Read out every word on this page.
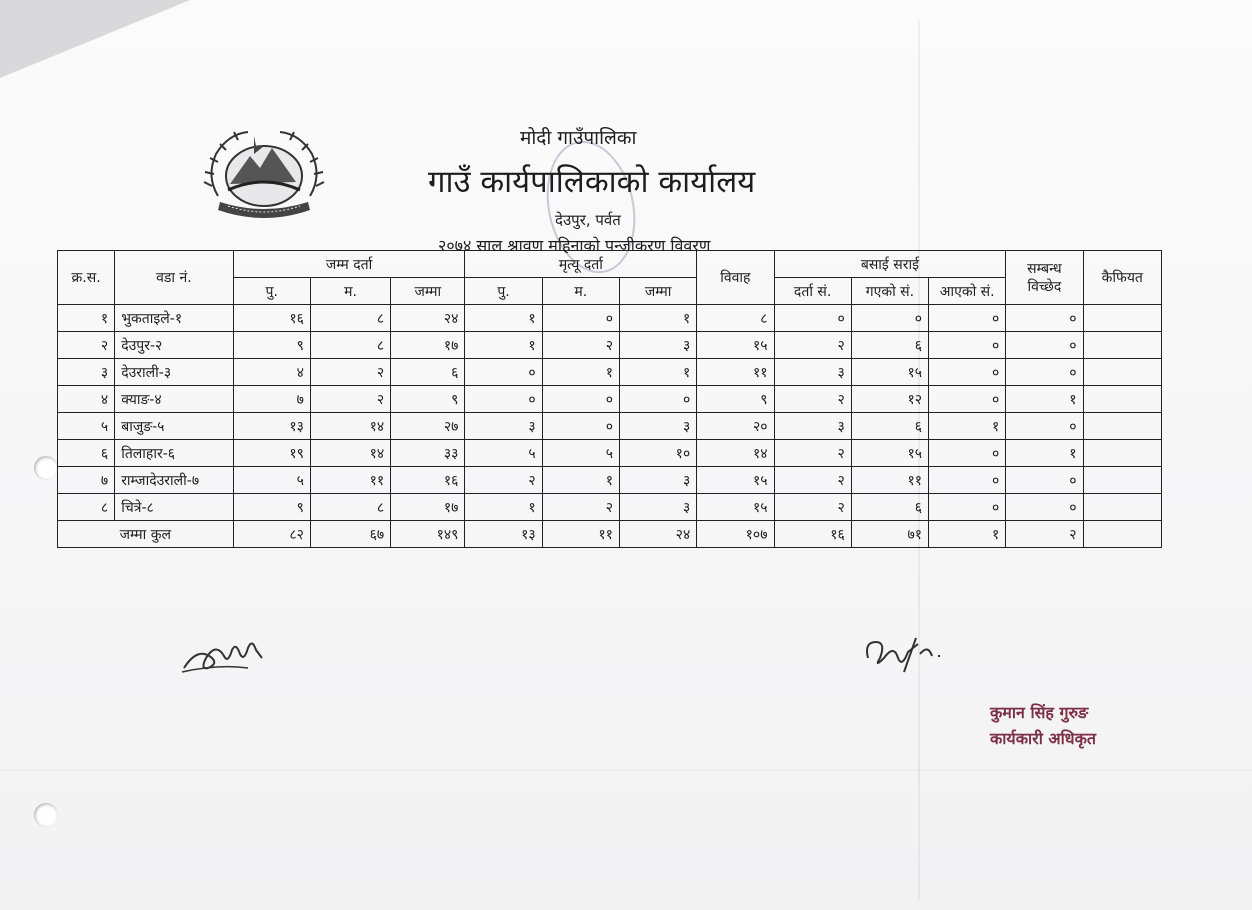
मोदी गाउँपालिका
गाउँ कार्यपालिकाको कार्यालय
देउपुर, पर्वत
२०७४ साल श्रावण महिनाको पन्जीकरण विवरण
क्र.स.	वडा नं.	जम्म दर्ता			मृत्यू दर्ता			विवाह	बसाई सराई			सम्बन्ध विच्छेद	कैफियत
		पु.	म.	जम्मा	पु.	म.	जम्मा		दर्ता सं.	गएको सं.	आएको सं.		
१	भुकताइले-१	१६	८	२४	१	०	१	८	०	०	०	०	
२	देउपुर-२	९	८	१७	१	२	३	१५	२	६	०	०	
३	देउराली-३	४	२	६	०	१	१	११	३	१५	०	०	
४	क्याङ-४	७	२	९	०	०	०	९	२	१२	०	१	
५	बाजुङ-५	१३	१४	२७	३	०	३	२०	३	६	१	०	
६	तिलाहार-६	१९	१४	३३	५	५	१०	१४	२	१५	०	१	
७	राम्जादेउराली-७	५	११	१६	२	१	३	१५	२	११	०	०	
८	चित्रे-८	९	८	१७	१	२	३	१५	२	६	०	०	
जम्मा कुल		८२	६७	१४९	१३	११	२४	१०७	१६	७१	१	२	
कुमान सिंह गुरुङ
कार्यकारी अधिकृत
